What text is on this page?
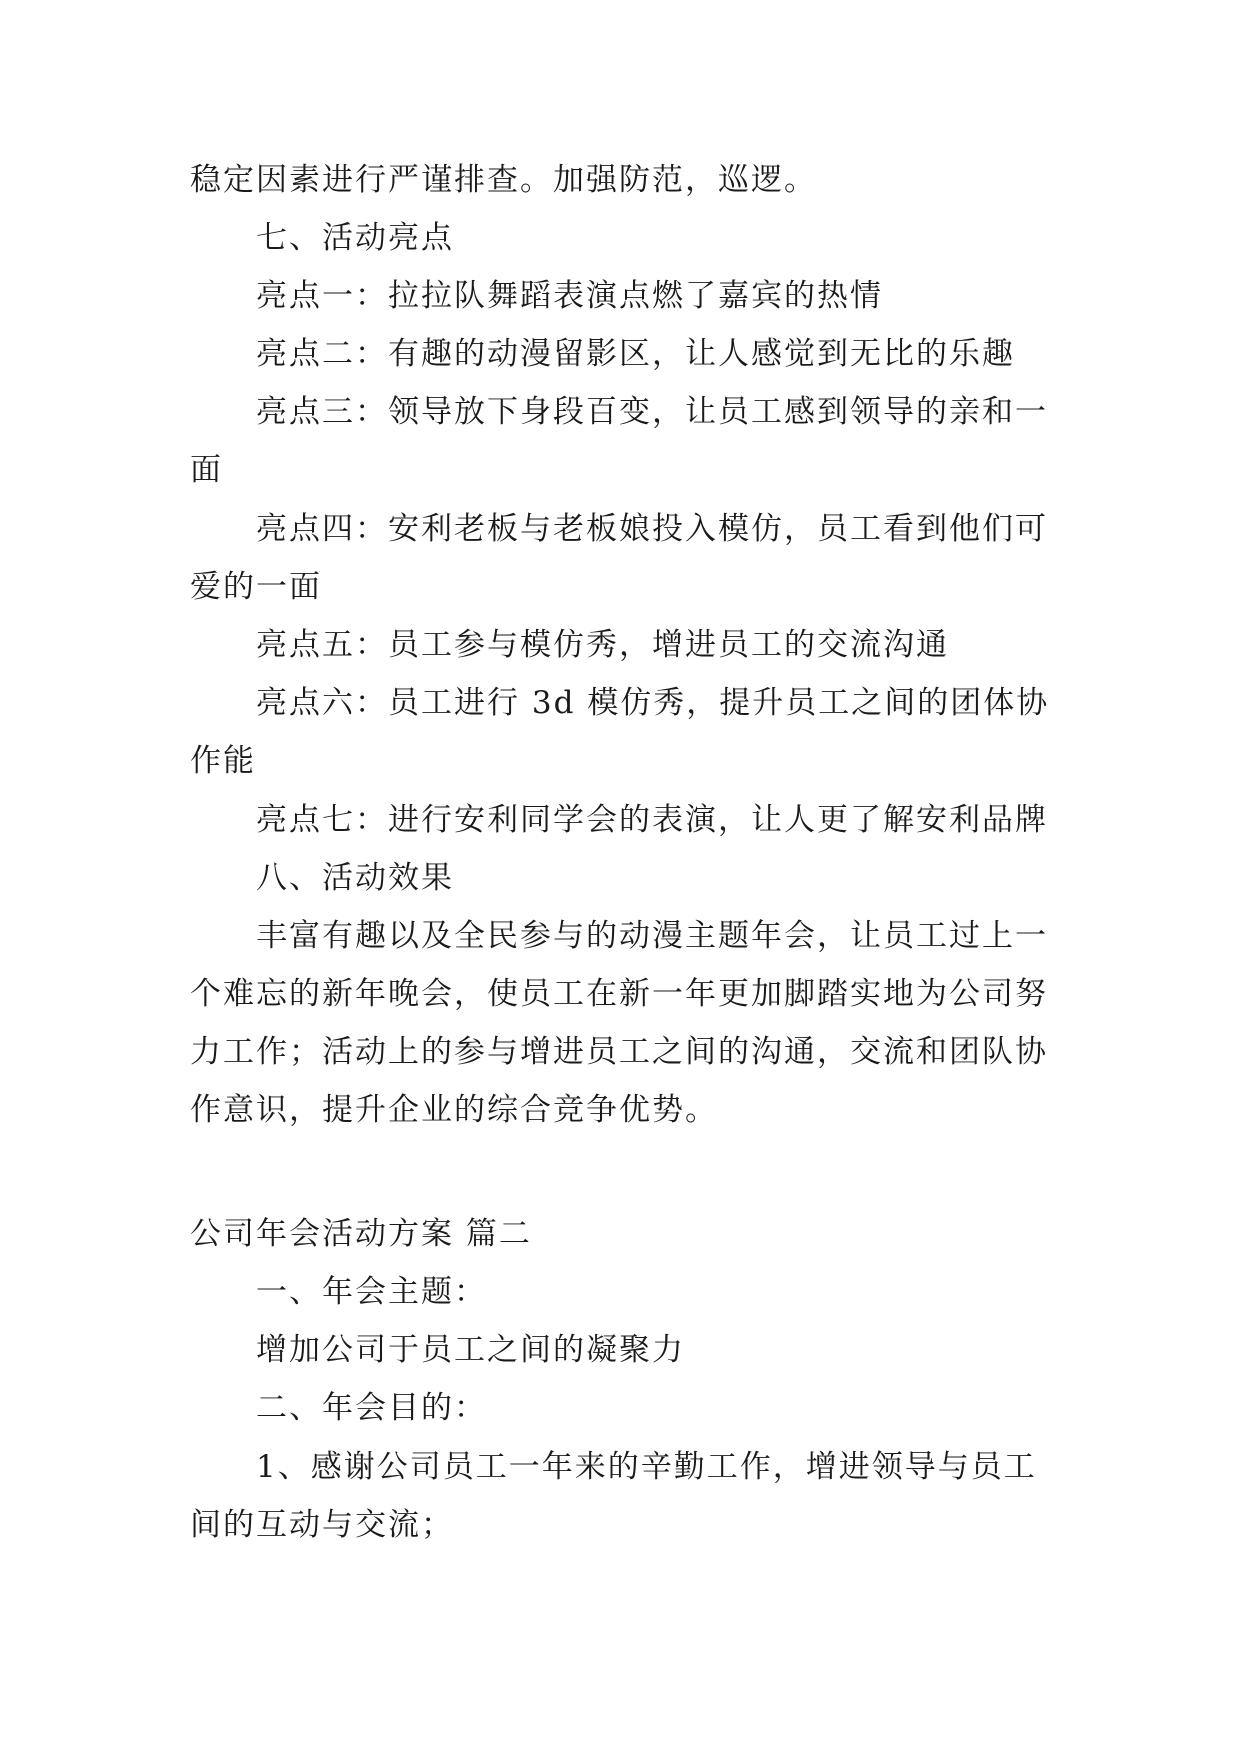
稳定因素进行严谨排查。加强防范，巡逻。
七、活动亮点
亮点一：拉拉队舞蹈表演点燃了嘉宾的热情
亮点二：有趣的动漫留影区，让人感觉到无比的乐趣
亮点三：领导放下身段百变，让员工感到领导的亲和一
面
亮点四：安利老板与老板娘投入模仿，员工看到他们可
爱的一面
亮点五：员工参与模仿秀，增进员工的交流沟通
亮点六：员工进行 3d 模仿秀，提升员工之间的团体协
作能
亮点七：进行安利同学会的表演，让人更了解安利品牌
八、活动效果
丰富有趣以及全民参与的动漫主题年会，让员工过上一
个难忘的新年晚会，使员工在新一年更加脚踏实地为公司努
力工作；活动上的参与增进员工之间的沟通，交流和团队协
作意识，提升企业的综合竞争优势。
公司年会活动方案 篇二
一、年会主题：
增加公司于员工之间的凝聚力
二、年会目的：
1、感谢公司员工一年来的辛勤工作，增进领导与员工
间的互动与交流；
